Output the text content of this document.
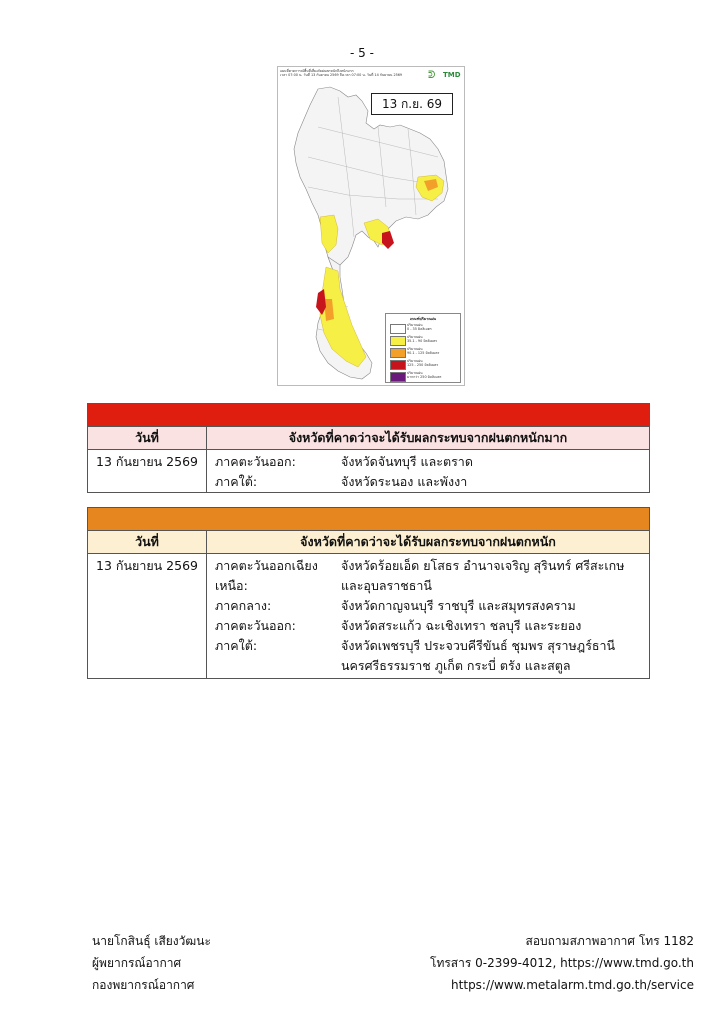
- 5 -
แผนที่คาดการณ์พื้นที่เสี่ยงภัยฝนตกหนักถึงหนักมาก
เวลา 07:00 น. วันที่ 13 กันยายน 2569 ถึงเวลา 07:00 น. วันที่ 14 กันยายน 2569	ᕲ TMD
13 ก.ย. 69
เกณฑ์ปริมาณฝน
ปริมาณฝน
0 - 35 มิลลิเมตร
ปริมาณฝน
35.1 - 90 มิลลิเมตร
ปริมาณฝน
90.1 - 125 มิลลิเมตร
ปริมาณฝน
125 - 250 มิลลิเมตร
ปริมาณฝน
มากกว่า 250 มิลลิเมตร
วันที่	จังหวัดที่คาดว่าจะได้รับผลกระทบจากฝนตกหนักมาก
13 กันยายน 2569	ภาคตะวันออก:	จังหวัดจันทบุรี และตราด
ภาคใต้:	จังหวัดระนอง และพังงา
วันที่	จังหวัดที่คาดว่าจะได้รับผลกระทบจากฝนตกหนัก
13 กันยายน 2569	ภาคตะวันออกเฉียงเหนือ:
จังหวัดร้อยเอ็ด ยโสธร อำนาจเจริญ สุรินทร์ ศรีสะเกษ
และอุบลราชธานี
ภาคกลาง:	จังหวัดกาญจนบุรี ราชบุรี และสมุทรสงคราม
ภาคตะวันออก:	จังหวัดสระแก้ว ฉะเชิงเทรา ชลบุรี และระยอง
ภาคใต้:	จังหวัดเพชรบุรี ประจวบคีรีขันธ์ ชุมพร สุราษฎร์ธานี
นครศรีธรรมราช ภูเก็ต กระบี่ ตรัง และสตูล
นายโกสินธุ์ เสียงวัฒนะ
ผู้พยากรณ์อากาศ
กองพยากรณ์อากาศ
สอบถามสภาพอากาศ โทร 1182
โทรสาร 0-2399-4012, https://www.tmd.go.th
https://www.metalarm.tmd.go.th/service
